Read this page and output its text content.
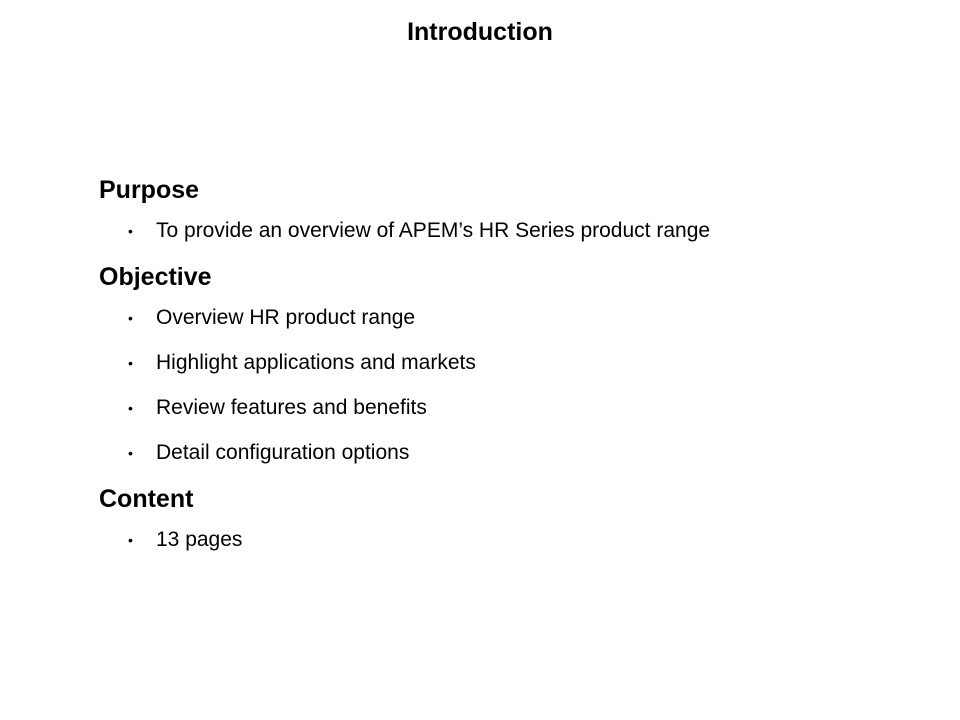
Introduction
Purpose
• To provide an overview of APEM’s HR Series product range
Objective
• Overview HR product range
• Highlight applications and markets
• Review features and benefits
• Detail configuration options
Content
• 13 pages
